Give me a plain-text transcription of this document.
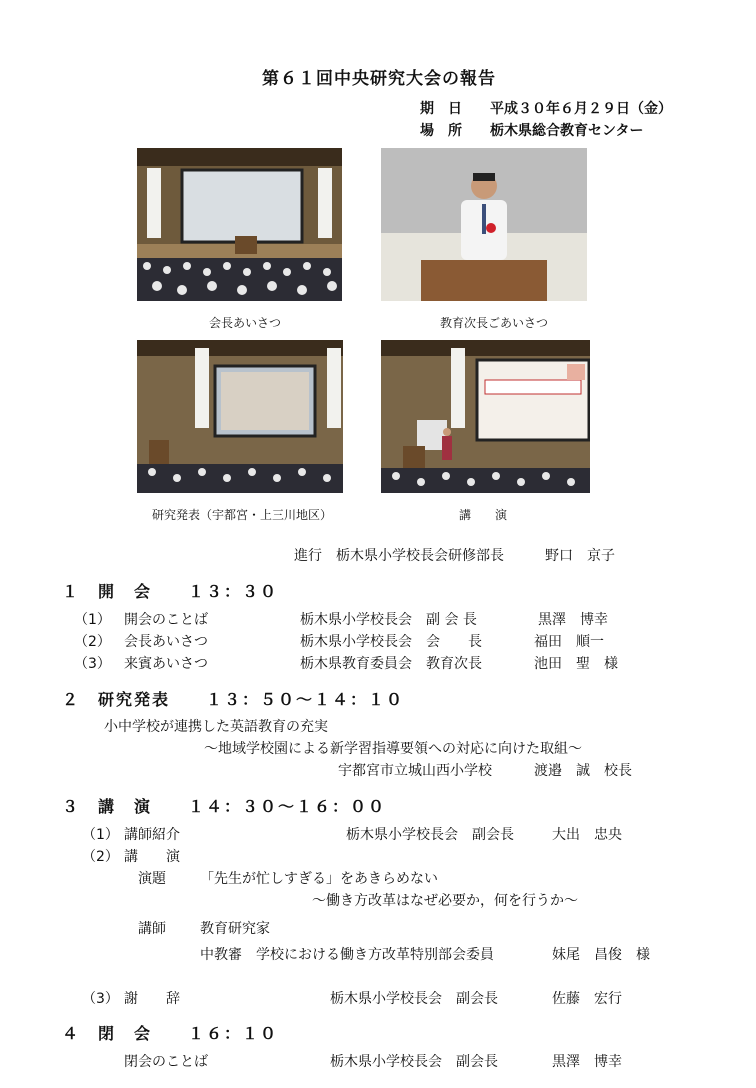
第６１回中央研究大会の報告
期　日 平成３０年６月２９日（金）
場　所 栃木県総合教育センター
会長あいさつ	教育次長ごあいさつ
研究発表（宇都宮・上三川地区）	講　　演
進行　栃木県小学校長会研修部長	野口　京子
１　開　会　　１３：３０
（1） 開会のことば	栃木県小学校長会　副 会 長	黒澤　博幸
（2） 会長あいさつ	栃木県小学校長会　会　　長	福田　順一
（3） 来賓あいさつ	栃木県教育委員会　教育次長	池田　聖　様
２　研究発表　　１３：５０〜１４：１０
小中学校が連携した英語教育の充実
〜地域学校園による新学習指導要領への対応に向けた取組〜
宇都宮市立城山西小学校　　　渡邉　誠　校長
３　講　演　　１４：３０〜１６：００
（1） 講師紹介	栃木県小学校長会　副会長	大出　忠央
（2） 講　　演
演題 「先生が忙しすぎる」をあきらめない
〜働き方改革はなぜ必要か，何を行うか〜
講師 教育研究家
中教審　学校における働き方改革特別部会委員	妹尾　昌俊　様
（3） 謝　　辞	栃木県小学校長会　副会長	佐藤　宏行
４　閉　会　　１６：１０
閉会のことば	栃木県小学校長会　副会長	黒澤　博幸
